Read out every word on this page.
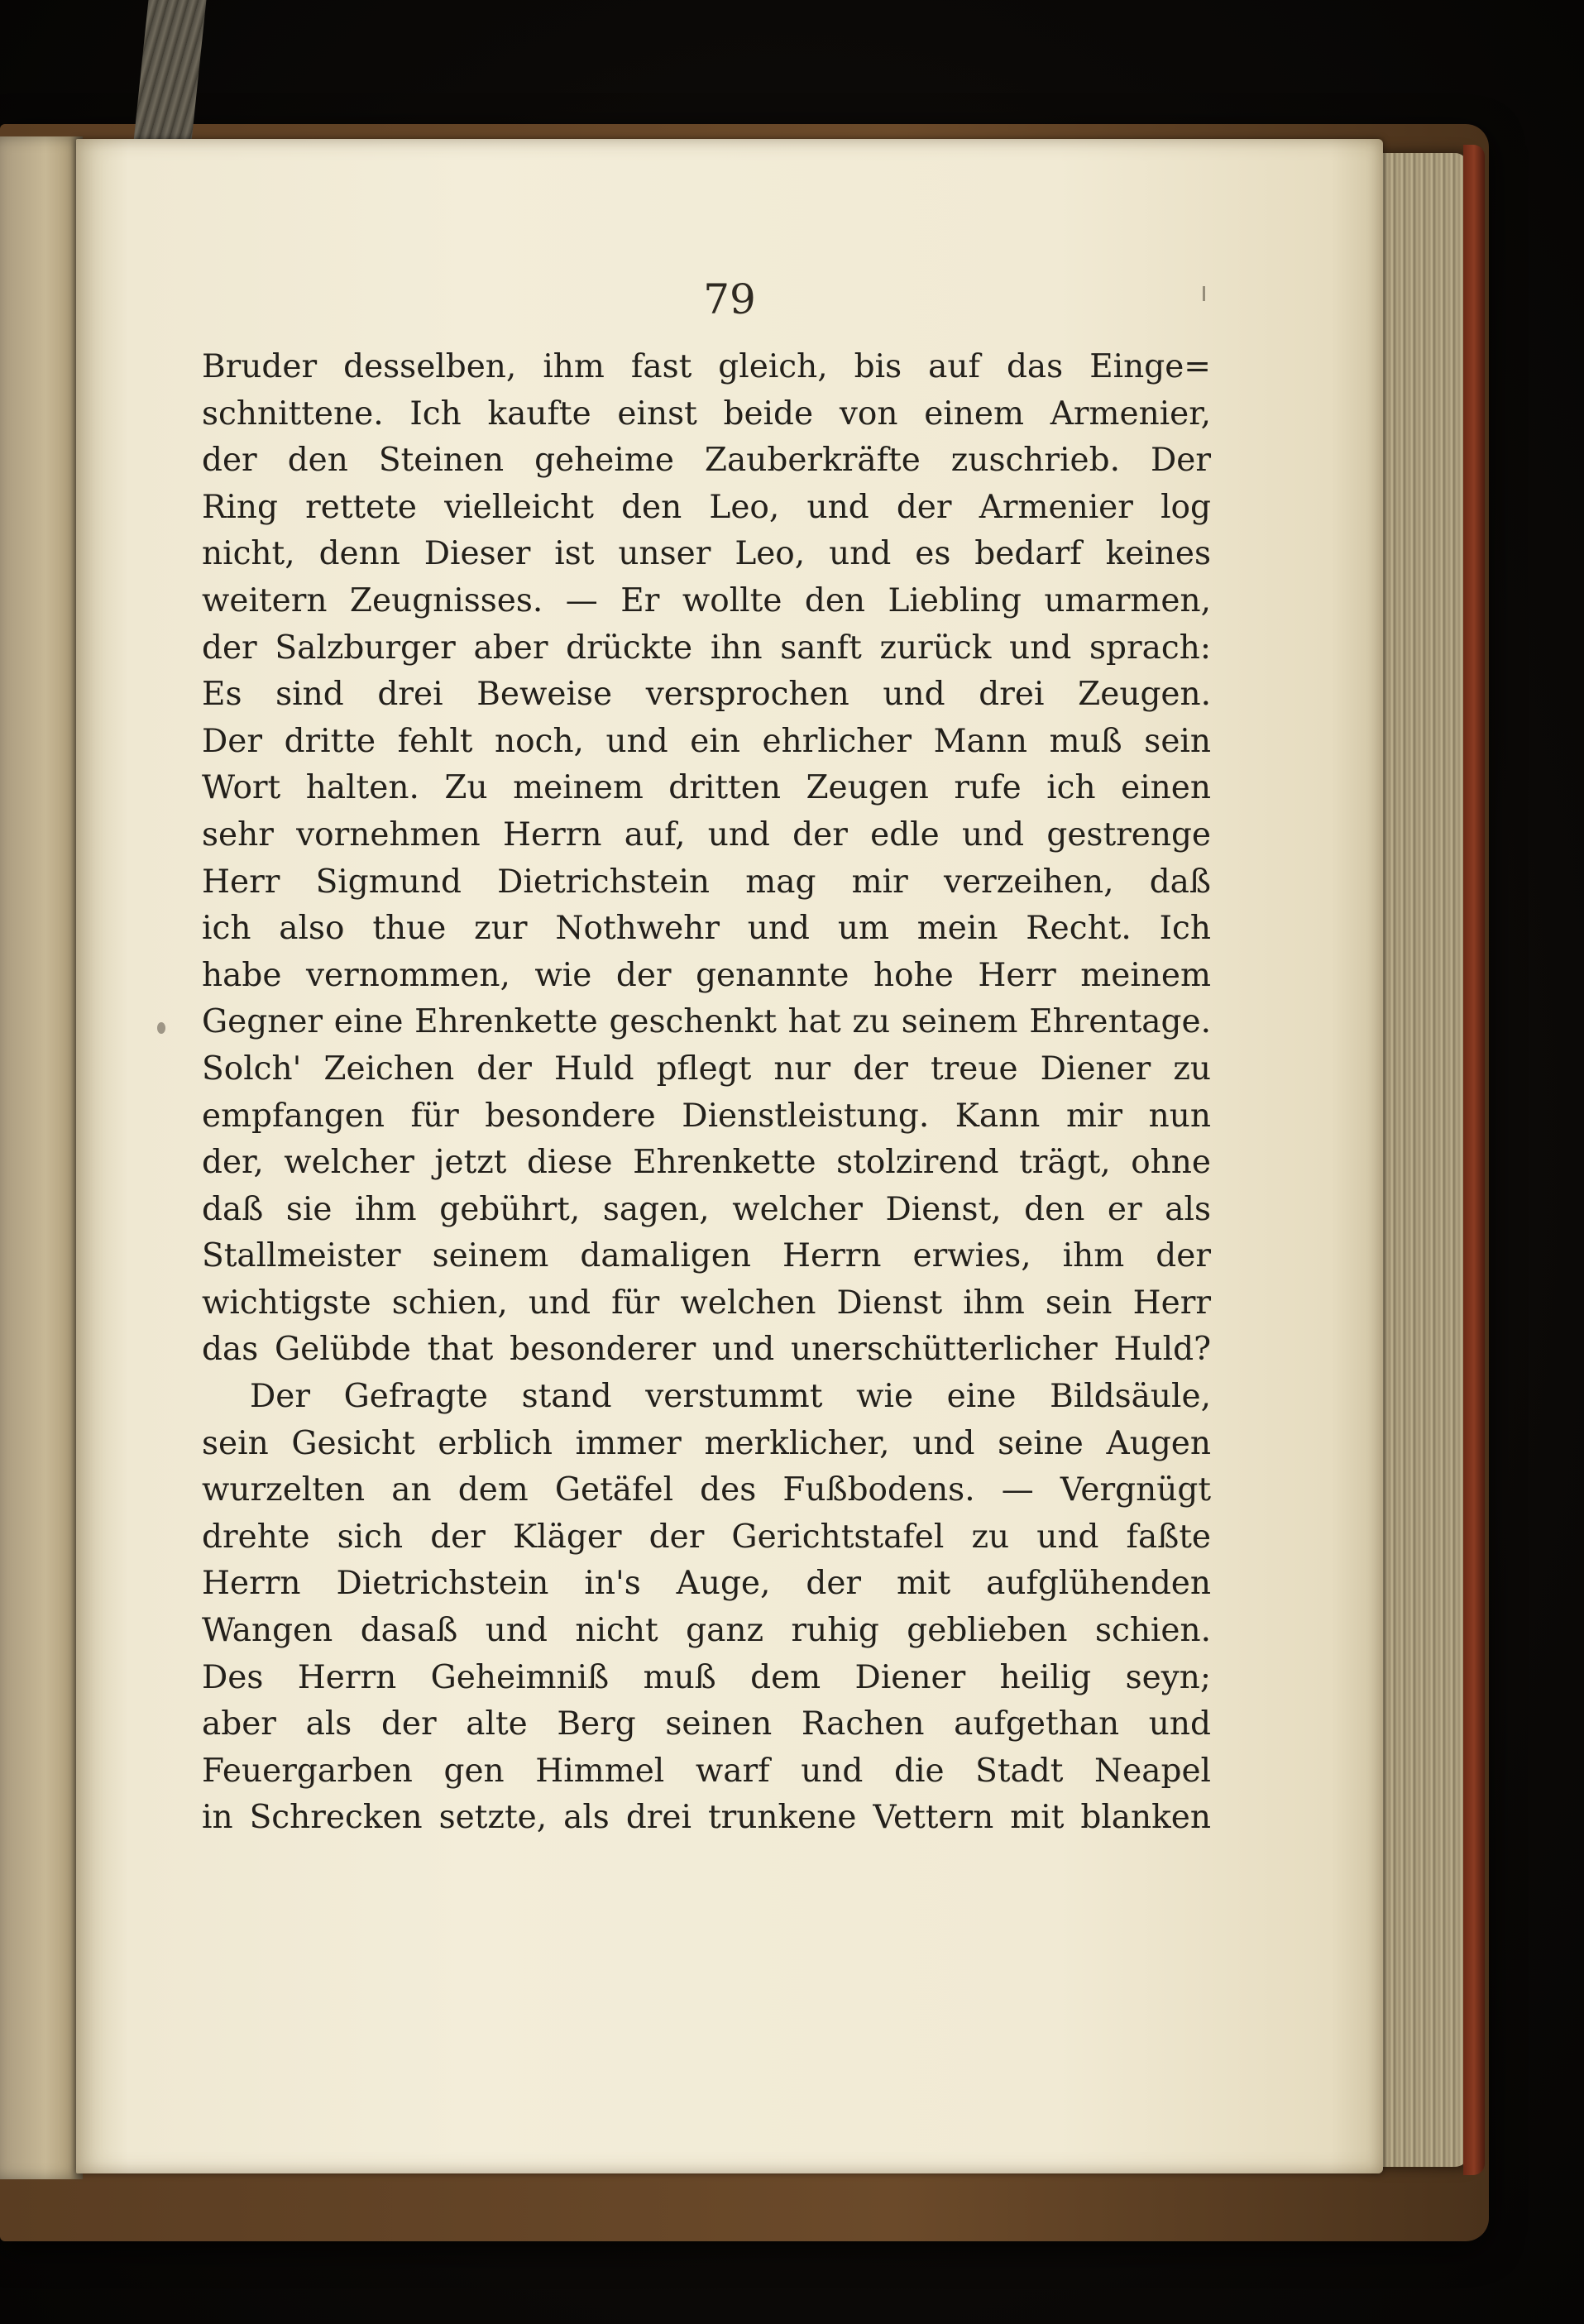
79
Bruder desselben, ihm fast gleich, bis auf das Einge=
schnittene. Ich kaufte einst beide von einem Armenier,
der den Steinen geheime Zauberkräfte zuschrieb. Der
Ring rettete vielleicht den Leo, und der Armenier log
nicht, denn Dieser ist unser Leo, und es bedarf keines
weitern Zeugnisses. — Er wollte den Liebling umarmen,
der Salzburger aber drückte ihn sanft zurück und sprach:
Es sind drei Beweise versprochen und drei Zeugen.
Der dritte fehlt noch, und ein ehrlicher Mann muß sein
Wort halten. Zu meinem dritten Zeugen rufe ich einen
sehr vornehmen Herrn auf, und der edle und gestrenge
Herr Sigmund Dietrichstein mag mir verzeihen, daß
ich also thue zur Nothwehr und um mein Recht. Ich
habe vernommen, wie der genannte hohe Herr meinem
Gegner eine Ehrenkette geschenkt hat zu seinem Ehrentage.
Solch' Zeichen der Huld pflegt nur der treue Diener zu
empfangen für besondere Dienstleistung. Kann mir nun
der, welcher jetzt diese Ehrenkette stolzirend trägt, ohne
daß sie ihm gebührt, sagen, welcher Dienst, den er als
Stallmeister seinem damaligen Herrn erwies, ihm der
wichtigste schien, und für welchen Dienst ihm sein Herr
das Gelübde that besonderer und unerschütterlicher Huld?
Der Gefragte stand verstummt wie eine Bildsäule,
sein Gesicht erblich immer merklicher, und seine Augen
wurzelten an dem Getäfel des Fußbodens. — Vergnügt
drehte sich der Kläger der Gerichtstafel zu und faßte
Herrn Dietrichstein in's Auge, der mit aufglühenden
Wangen dasaß und nicht ganz ruhig geblieben schien.
Des Herrn Geheimniß muß dem Diener heilig seyn;
aber als der alte Berg seinen Rachen aufgethan und
Feuergarben gen Himmel warf und die Stadt Neapel
in Schrecken setzte, als drei trunkene Vettern mit blanken
